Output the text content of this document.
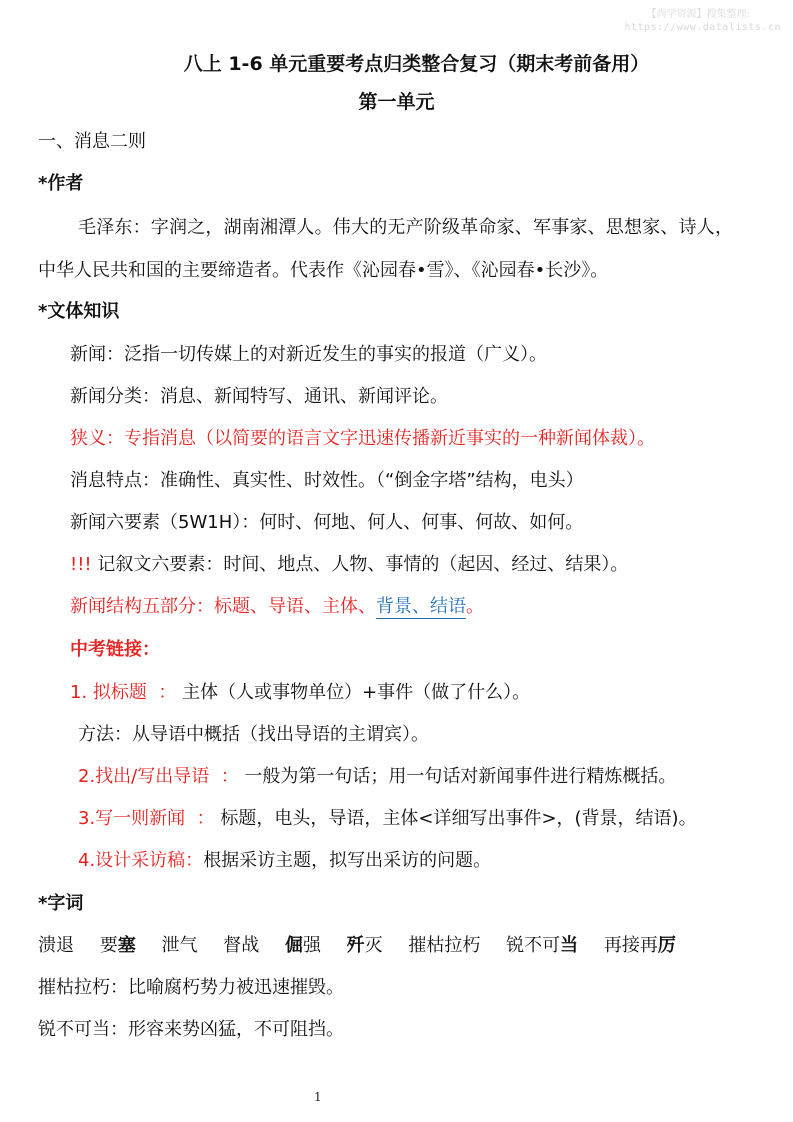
【尚学资源】搜集整理:
https://www.datalists.cn
八上 1-6 单元重要考点归类整合复习（期末考前备用）
第一单元
一、消息二则
*作者
毛泽东：字润之，湖南湘潭人。伟大的无产阶级革命家、军事家、思想家、诗人，
中华人民共和国的主要缔造者。代表作《沁园春•雪》、《沁园春•长沙》。
*文体知识
新闻：泛指一切传媒上的对新近发生的事实的报道（广义）。
新闻分类：消息、新闻特写、通讯、新闻评论。
狭义：专指消息（以简要的语言文字迅速传播新近事实的一种新闻体裁）。
消息特点：准确性、真实性、时效性。（“倒金字塔”结构，电头）
新闻六要素（5W1H）：何时、何地、何人、何事、何故、如何。
!!! 记叙文六要素：时间、地点、人物、事情的（起因、经过、结果）。
新闻结构五部分：标题、导语、主体、背景、结语。
中考链接：
1. 拟标题  ： 主体（人或事物单位）+事件（做了什么）。
方法：从导语中概括（找出导语的主谓宾）。
2.找出/写出导语  ： 一般为第一句话；用一句话对新闻事件进行精炼概括。
3.写一则新闻  ： 标题，电头，导语，主体<详细写出事件>，(背景，结语)。
4.设计采访稿：根据采访主题，拟写出采访的问题。
*字词
溃退 要塞 泄气 督战 倔强 歼灭 摧枯拉朽 锐不可当 再接再厉
摧枯拉朽：比喻腐朽势力被迅速摧毁。
锐不可当：形容来势凶猛，不可阻挡。
1
